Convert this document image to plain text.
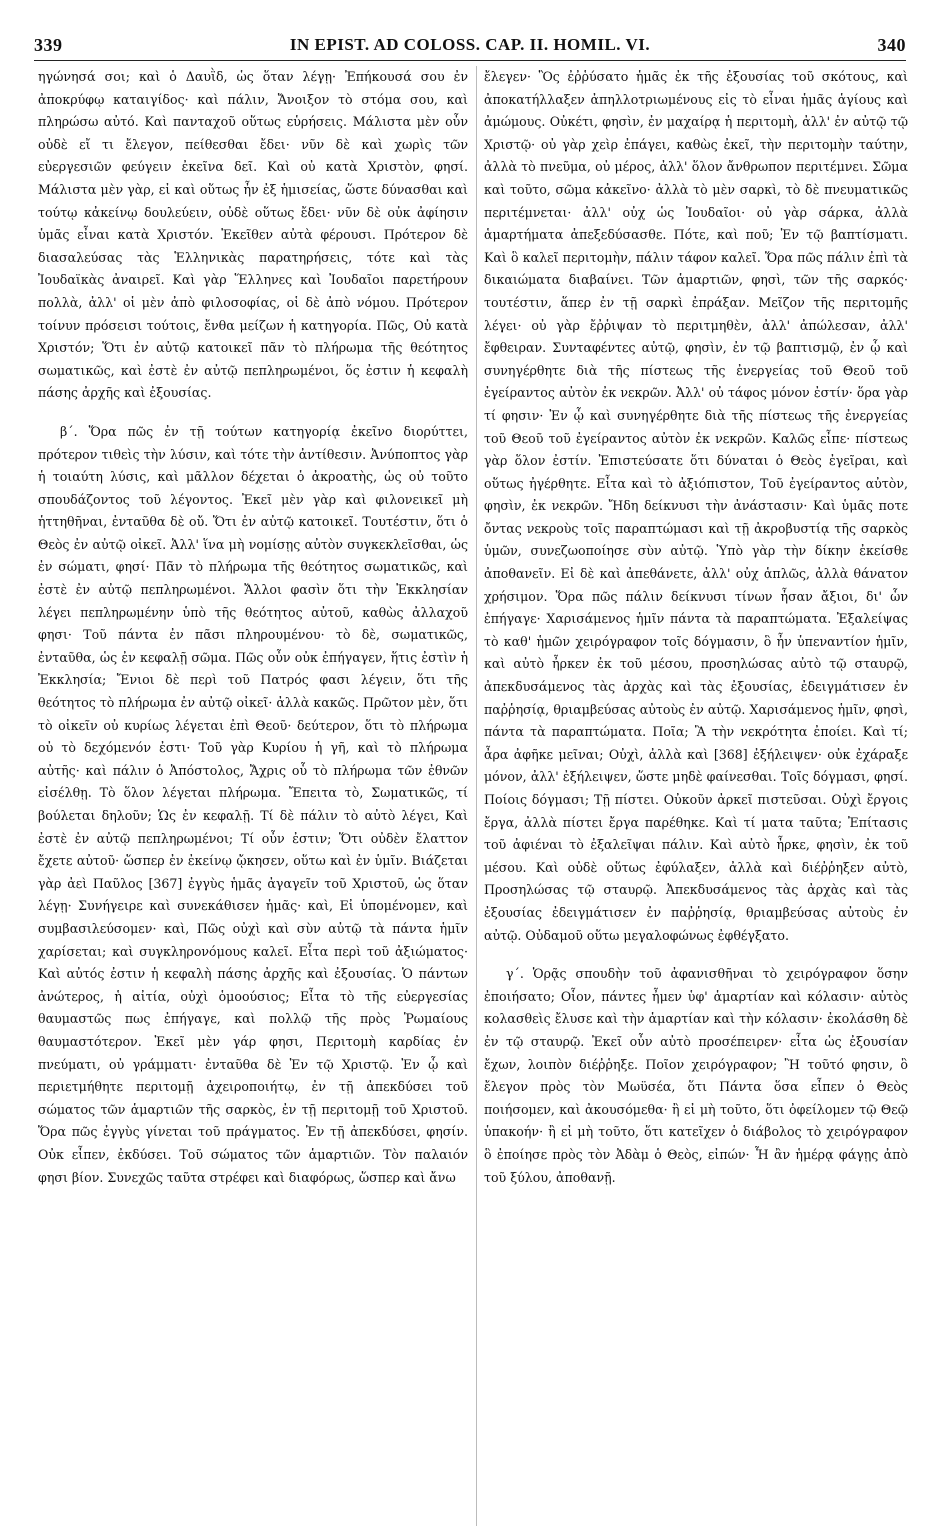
339	IN EPIST. AD COLOSS. CAP. II. HOMIL. VI.	340

ηγώνησά σοι; καὶ ὁ Δαυῒδ, ὡς ὅταν λέγῃ· Ἐπήκουσά σου ἐν ἀποκρύφῳ καταιγίδος· καὶ πάλιν, Ἄνοιξον τὸ στόμα σου, καὶ πληρώσω αὐτό. Καὶ πανταχοῦ οὕτως εὑρήσεις. Μάλιστα μὲν οὖν οὐδὲ εἴ τι ἔλεγον, πείθεσθαι ἔδει· νῦν δὲ καὶ χωρὶς τῶν εὐεργεσιῶν φεύγειν ἐκεῖνα δεῖ. Καὶ οὐ κατὰ Χριστὸν, φησί. Μάλιστα μὲν γὰρ, εἰ καὶ οὕτως ἦν ἐξ ἡμισείας, ὥστε δύνασθαι καὶ τούτῳ κἀκείνῳ δουλεύειν, οὐδὲ οὕτως ἔδει· νῦν δὲ οὐκ ἀφίησιν ὑμᾶς εἶναι κατὰ Χριστόν. Ἐκεῖθεν αὐτὰ φέρουσι. Πρότερον δὲ διασαλεύσας τὰς Ἑλληνικὰς παρατηρήσεις, τότε καὶ τὰς Ἰουδαϊκὰς ἀναιρεῖ. Καὶ γὰρ Ἕλληνες καὶ Ἰουδαῖοι παρετήρουν πολλὰ, ἀλλ' οἱ μὲν ἀπὸ φιλοσοφίας, οἱ δὲ ἀπὸ νόμου. Πρότερον τοίνυν πρόσεισι τούτοις, ἔνθα μείζων ἡ κατηγορία. Πῶς, Οὐ κατὰ Χριστόν; Ὅτι ἐν αὐτῷ κατοικεῖ πᾶν τὸ πλήρωμα τῆς θεότητος σωματικῶς, καὶ ἐστὲ ἐν αὐτῷ πεπληρωμένοι, ὅς ἐστιν ἡ κεφαλὴ πάσης ἀρχῆς καὶ ἐξουσίας.

β΄. Ὅρα πῶς ἐν τῇ τούτων κατηγορίᾳ ἐκεῖνο διορύττει, πρότερον τιθεὶς τὴν λύσιν, καὶ τότε τὴν ἀντίθεσιν. Ἀνύποπτος γὰρ ἡ τοιαύτη λύσις, καὶ μᾶλλον δέχεται ὁ ἀκροατὴς, ὡς οὐ τοῦτο σπουδάζοντος τοῦ λέγοντος. Ἐκεῖ μὲν γὰρ καὶ φιλονεικεῖ μὴ ἡττηθῆναι, ἐνταῦθα δὲ οὔ. Ὅτι ἐν αὐτῷ κατοικεῖ. Τουτέστιν, ὅτι ὁ Θεὸς ἐν αὐτῷ οἰκεῖ. Ἀλλ' ἵνα μὴ νομίσῃς αὐτὸν συγκεκλεῖσθαι, ὡς ἐν σώματι, φησί· Πᾶν τὸ πλήρωμα τῆς θεότητος σωματικῶς, καὶ ἐστὲ ἐν αὐτῷ πεπληρωμένοι. Ἄλλοι φασὶν ὅτι τὴν Ἐκκλησίαν λέγει πεπληρωμένην ὑπὸ τῆς θεότητος αὐτοῦ, καθὼς ἀλλαχοῦ φησι· Τοῦ πάντα ἐν πᾶσι πληρουμένου· τὸ δὲ, σωματικῶς, ἐνταῦθα, ὡς ἐν κεφαλῇ σῶμα. Πῶς οὖν οὐκ ἐπήγαγεν, ἥτις ἐστὶν ἡ Ἐκκλησία; Ἔνιοι δὲ περὶ τοῦ Πατρός φασι λέγειν, ὅτι τῆς θεότητος τὸ πλήρωμα ἐν αὐτῷ οἰκεῖ· ἀλλὰ κακῶς. Πρῶτον μὲν, ὅτι τὸ οἰκεῖν οὐ κυρίως λέγεται ἐπὶ Θεοῦ· δεύτερον, ὅτι τὸ πλήρωμα οὐ τὸ δεχόμενόν ἐστι· Τοῦ γὰρ Κυρίου ἡ γῆ, καὶ τὸ πλήρωμα αὐτῆς· καὶ πάλιν ὁ Ἀπόστολος, Ἄχρις οὗ τὸ πλήρωμα τῶν ἐθνῶν εἰσέλθῃ. Τὸ ὅλον λέγεται πλήρωμα. Ἔπειτα τὸ, Σωματικῶς, τί βούλεται δηλοῦν; Ὡς ἐν κεφαλῇ. Τί δὲ πάλιν τὸ αὐτὸ λέγει, Καὶ ἐστὲ ἐν αὐτῷ πεπληρωμένοι; Τί οὖν ἐστιν; Ὅτι οὐδὲν ἔλαττον ἔχετε αὐτοῦ· ὥσπερ ἐν ἐκείνῳ ᾤκησεν, οὕτω καὶ ἐν ὑμῖν. Βιάζεται γὰρ ἀεὶ Παῦλος [367] ἐγγὺς ἡμᾶς ἀγαγεῖν τοῦ Χριστοῦ, ὡς ὅταν λέγῃ· Συνήγειρε καὶ συνεκάθισεν ἡμᾶς· καὶ, Εἰ ὑπομένομεν, καὶ συμβασιλεύσομεν· καὶ, Πῶς οὐχὶ καὶ σὺν αὐτῷ τὰ πάντα ἡμῖν χαρίσεται; καὶ συγκληρονόμους καλεῖ. Εἶτα περὶ τοῦ ἀξιώματος· Καὶ αὐτός ἐστιν ἡ κεφαλὴ πάσης ἀρχῆς καὶ ἐξουσίας. Ὁ πάντων ἀνώτερος, ἡ αἰτία, οὐχὶ ὁμοούσιος; Εἶτα τὸ τῆς εὐεργεσίας θαυμαστῶς πως ἐπήγαγε, καὶ πολλῷ τῆς πρὸς Ῥωμαίους θαυμαστότερον. Ἐκεῖ μὲν γάρ φησι, Περιτομὴ καρδίας ἐν πνεύματι, οὐ γράμματι· ἐνταῦθα δὲ Ἐν τῷ Χριστῷ. Ἐν ᾧ καὶ περιετμήθητε περιτομῇ ἀχειροποιήτῳ, ἐν τῇ ἀπεκδύσει τοῦ σώματος τῶν ἁμαρτιῶν τῆς σαρκὸς, ἐν τῇ περιτομῇ τοῦ Χριστοῦ. Ὅρα πῶς ἐγγὺς γίνεται τοῦ πράγματος. Ἐν τῇ ἀπεκδύσει, φησίν. Οὐκ εἶπεν, ἐκδύσει. Τοῦ σώματος τῶν ἁμαρτιῶν. Τὸν παλαιόν φησι βίον. Συνεχῶς ταῦτα στρέφει καὶ διαφόρως, ὥσπερ καὶ ἄνω

ἔλεγεν· Ὃς ἐῤῥύσατο ἡμᾶς ἐκ τῆς ἐξουσίας τοῦ σκότους, καὶ ἀποκατήλλαξεν ἀπηλλοτριωμένους εἰς τὸ εἶναι ἡμᾶς ἁγίους καὶ ἀμώμους. Οὐκέτι, φησὶν, ἐν μαχαίρᾳ ἡ περιτομὴ, ἀλλ' ἐν αὐτῷ τῷ Χριστῷ· οὐ γὰρ χεὶρ ἐπάγει, καθὼς ἐκεῖ, τὴν περιτομὴν ταύτην, ἀλλὰ τὸ πνεῦμα, οὐ μέρος, ἀλλ' ὅλον ἄνθρωπον περιτέμνει. Σῶμα καὶ τοῦτο, σῶμα κἀκεῖνο· ἀλλὰ τὸ μὲν σαρκὶ, τὸ δὲ πνευματικῶς περιτέμνεται· ἀλλ' οὐχ ὡς Ἰουδαῖοι· οὐ γὰρ σάρκα, ἀλλὰ ἁμαρτήματα ἀπεξεδύσασθε. Πότε, καὶ ποῦ; Ἐν τῷ βαπτίσματι. Καὶ ὃ καλεῖ περιτομὴν, πάλιν τάφον καλεῖ. Ὅρα πῶς πάλιν ἐπὶ τὰ δικαιώματα διαβαίνει. Τῶν ἁμαρτιῶν, φησὶ, τῶν τῆς σαρκός· τουτέστιν, ἅπερ ἐν τῇ σαρκὶ ἐπράξαν. Μεῖζον τῆς περιτομῆς λέγει· οὐ γὰρ ἔῤῥιψαν τὸ περιτμηθὲν, ἀλλ' ἀπώλεσαν, ἀλλ' ἔφθειραν. Συνταφέντες αὐτῷ, φησὶν, ἐν τῷ βαπτισμῷ, ἐν ᾧ καὶ συνηγέρθητε διὰ τῆς πίστεως τῆς ἐνεργείας τοῦ Θεοῦ τοῦ ἐγείραντος αὐτὸν ἐκ νεκρῶν. Ἀλλ' οὐ τάφος μόνον ἐστίν· ὅρα γὰρ τί φησιν· Ἐν ᾧ καὶ συνηγέρθητε διὰ τῆς πίστεως τῆς ἐνεργείας τοῦ Θεοῦ τοῦ ἐγείραντος αὐτὸν ἐκ νεκρῶν. Καλῶς εἶπε· πίστεως γὰρ ὅλον ἐστίν. Ἐπιστεύσατε ὅτι δύναται ὁ Θεὸς ἐγεῖραι, καὶ οὕτως ἠγέρθητε. Εἶτα καὶ τὸ ἀξιόπιστον, Τοῦ ἐγείραντος αὐτὸν, φησὶν, ἐκ νεκρῶν. Ἤδη δείκνυσι τὴν ἀνάστασιν· Καὶ ὑμᾶς ποτε ὄντας νεκροὺς τοῖς παραπτώμασι καὶ τῇ ἀκροβυστίᾳ τῆς σαρκὸς ὑμῶν, συνεζωοποίησε σὺν αὐτῷ. Ὑπὸ γὰρ τὴν δίκην ἐκείσθε ἀποθανεῖν. Εἰ δὲ καὶ ἀπεθάνετε, ἀλλ' οὐχ ἁπλῶς, ἀλλὰ θάνατον χρήσιμον. Ὅρα πῶς πάλιν δείκνυσι τίνων ἦσαν ἄξιοι, δι' ὧν ἐπήγαγε· Χαρισάμενος ἡμῖν πάντα τὰ παραπτώματα. Ἐξαλείψας τὸ καθ' ἡμῶν χειρόγραφον τοῖς δόγμασιν, ὃ ἦν ὑπεναντίον ἡμῖν, καὶ αὐτὸ ἦρκεν ἐκ τοῦ μέσου, προσηλώσας αὐτὸ τῷ σταυρῷ, ἀπεκδυσάμενος τὰς ἀρχὰς καὶ τὰς ἐξουσίας, ἐδειγμάτισεν ἐν παῤῥησίᾳ, θριαμβεύσας αὐτοὺς ἐν αὐτῷ. Χαρισάμενος ἡμῖν, φησὶ, πάντα τὰ παραπτώματα. Ποῖα; Ἃ τὴν νεκρότητα ἐποίει. Καὶ τί; ἆρα ἀφῆκε μεῖναι; Οὐχὶ, ἀλλὰ καὶ [368] ἐξήλειψεν· οὐκ ἐχάραξε μόνον, ἀλλ' ἐξήλειψεν, ὥστε μηδὲ φαίνεσθαι. Τοῖς δόγμασι, φησί. Ποίοις δόγμασι; Τῇ πίστει. Οὐκοῦν ἀρκεῖ πιστεῦσαι. Οὐχὶ ἔργοις ἔργα, ἀλλὰ πίστει ἔργα παρέθηκε. Καὶ τί ματα ταῦτα; Ἐπίτασις τοῦ ἀφιέναι τὸ ἐξαλεῖψαι πάλιν. Καὶ αὐτὸ ἦρκε, φησὶν, ἐκ τοῦ μέσου. Καὶ οὐδὲ οὕτως ἐφύλαξεν, ἀλλὰ καὶ διέῤῥηξεν αὐτὸ, Προσηλώσας τῷ σταυρῷ. Ἀπεκδυσάμενος τὰς ἀρχὰς καὶ τὰς ἐξουσίας ἐδειγμάτισεν ἐν παῤῥησίᾳ, θριαμβεύσας αὐτοὺς ἐν αὐτῷ. Οὐδαμοῦ οὕτω μεγαλοφώνως ἐφθέγξατο.

γ΄. Ὁρᾷς σπουδὴν τοῦ ἀφανισθῆναι τὸ χειρόγραφον ὅσην ἐποιήσατο; Οἷον, πάντες ἦμεν ὑφ' ἁμαρτίαν καὶ κόλασιν· αὐτὸς κολασθεὶς ἔλυσε καὶ τὴν ἁμαρτίαν καὶ τὴν κόλασιν· ἐκολάσθη δὲ ἐν τῷ σταυρῷ. Ἐκεῖ οὖν αὐτὸ προσέπειρεν· εἶτα ὡς ἐξουσίαν ἔχων, λοιπὸν διέῤῥηξε. Ποῖον χειρόγραφον; Ἢ τοῦτό φησιν, ὃ ἔλεγον πρὸς τὸν Μωϋσέα, ὅτι Πάντα ὅσα εἶπεν ὁ Θεὸς ποιήσομεν, καὶ ἀκουσόμεθα· ἢ εἰ μὴ τοῦτο, ὅτι ὀφείλομεν τῷ Θεῷ ὑπακοήν· ἢ εἰ μὴ τοῦτο, ὅτι κατεῖχεν ὁ διάβολος τὸ χειρόγραφον ὃ ἐποίησε πρὸς τὸν Ἀδὰμ ὁ Θεὸς, εἰπών· Ἧ ἂν ἡμέρᾳ φάγῃς ἀπὸ τοῦ ξύλου, ἀποθανῇ.
